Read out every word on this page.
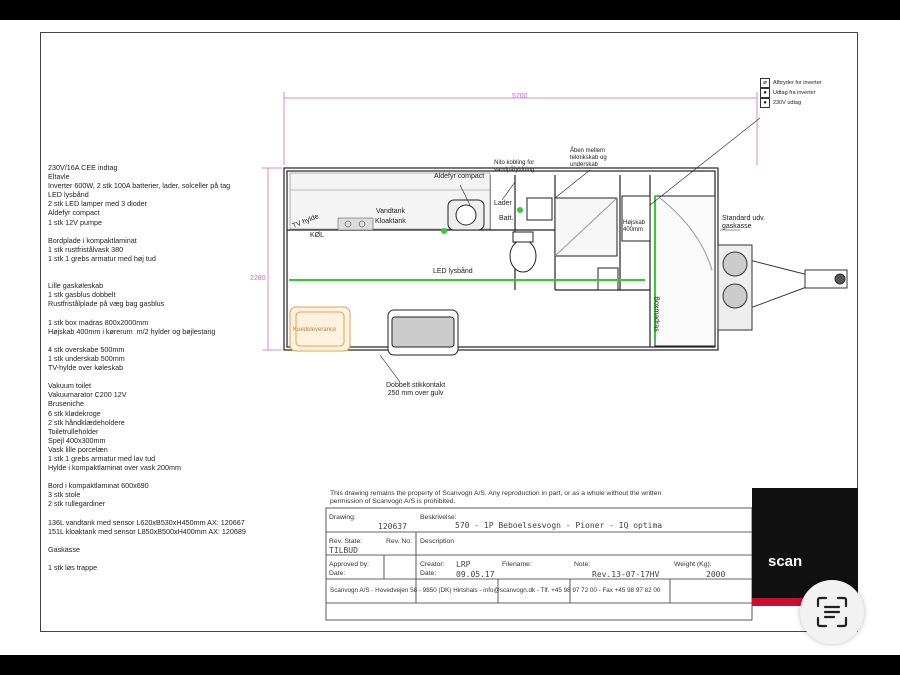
230V/16A CEE indtag
Eltavle
Inverter 600W, 2 stk 100A batterier, lader, solceller på tag
LED lysbånd
2 stk LED lamper med 3 dioder
Aldefyr compact
1 stk 12V pumpe

Bordplade i kompaktlaminat
1 stk rustfristålvask 380
1 stk 1 grebs armatur med høj tud

Lille gaskøleskab
1 stk gasblus dobbelt
Rustfristålplade på væg bag gasblus

1 stk box madras 800x2000mm
Højskab 400mm i kørerum  m/2 hylder og bøjlestang

4 stk overskabe 500mm
1 stk underskab 500mm
TV-hylde over køleskab

Vakuum toilet
Vakuumarator C200 12V
Bruseniche
6 stk klødekroge
2 stk håndklædeholdere
Toiletrulleholder
Spejl 400x300mm
Vask lille porcelæn
1 stk 1 grebs armatur med lav tud
Hylde i kompaktlaminat over vask 200mm

Bord i kompaktlaminat 600x690
3 stk stole
2 stk rullegardiner

136L vandtank med sensor L620xB530xH450mm AX: 120667
151L kloaktank med sensor L850xB500xH400mm AX: 120689

Gaskasse

1 stk løs trappe
5700
2280
TV hylde
KØL
Vandtank
Kloaktank
Aldefyr compact
Nito kobling for
vandpåfyldning
Åben mellem
teknikskab og
underskab
Lader
Batt.
Højskab
400mm
Standard udv.
gaskasse
LED lysbånd
Boxmadras
Kuedeleverance
Dobbelt stikkontakt
250 mm over gulv
⌀	Afbryder for inverter
●	Udtag fra inverter
●	230V udtag
This drawing remains the property of Scanvogn A/S. Any reproduction in part, or as a whole without the written
permission of Scanvogn A/S is prohibited.
Drawing:
120637
Beskrivelse:
570 - 1P Beboelsesvogn - Pioner - IQ optima
Rev. State:
TILBUD
Rev. No: Description
Approved by:
Date:
Creator: LRP
Date: 09.05.17
Filename:	Note:
Rev.13-07-17HV
Weight (Kg):
2000
Scanvogn A/S - Hovedvejen 58 - 9850 (DK) Hirtshals - info@scanvogn.dk - Tlf. +45 98 97 72 00 - Fax +45 98 97 82 00
scan
